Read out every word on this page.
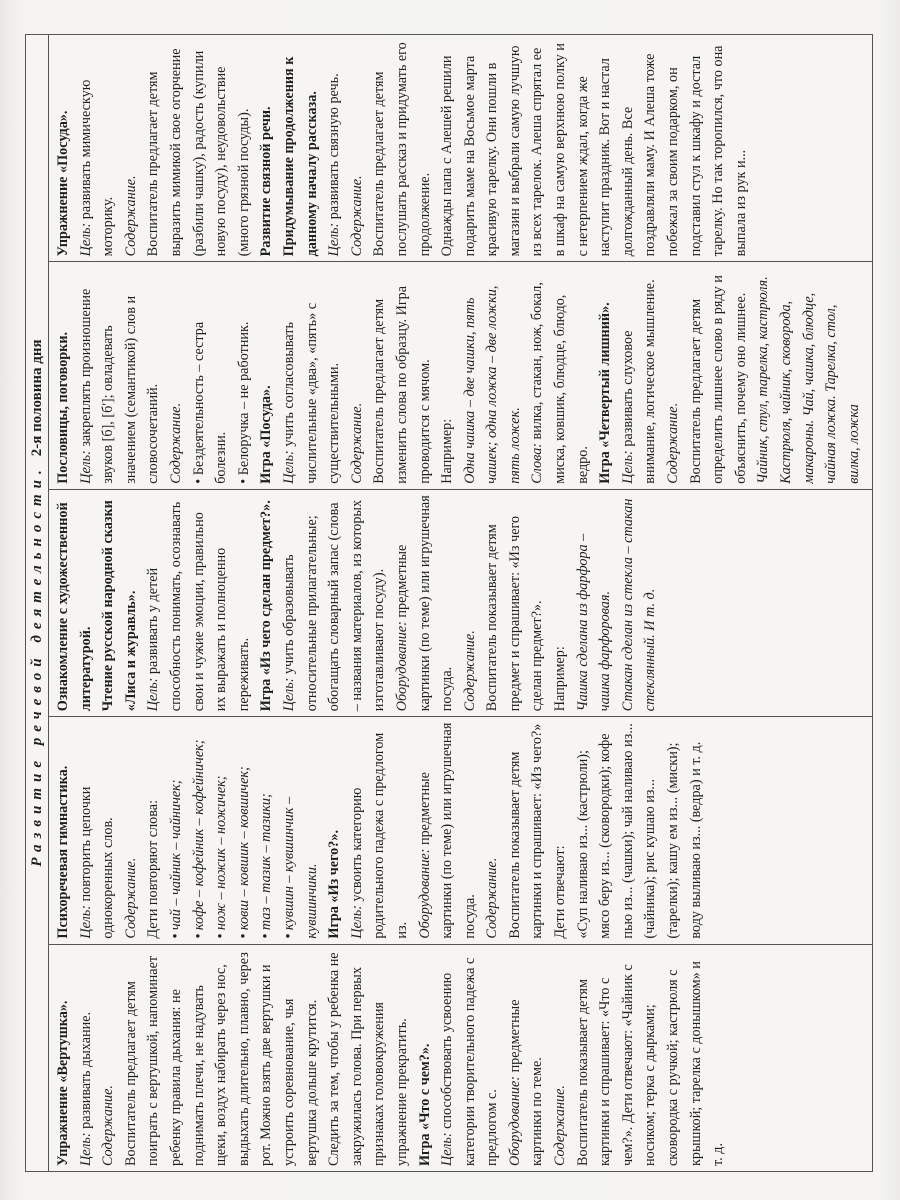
Развитие речевой деятельности.
2-я половина дня

Упражнение «Вертушка». Цель: развивать дыхание. Содержание. Воспитатель предлагает детям поиграть с вертушкой, напоминает ребенку правила дыхания: не поднимать плечи, не надувать щеки, воздух набирать через нос, выдыхать длительно, плавно, через рот. Можно взять две вертушки и устроить соревнование, чья вертушка дольше крутится. Следить за тем, чтобы у ребенка не закружилась голова. При первых признаках головокружения упражнение прекратить. Игра «Что с чем?». Цель: способствовать усвоению категории творительного падежа с предлогом с. Оборудование: предметные картинки по теме. Содержание. Воспитатель показывает детям картинки и спрашивает: «Что с чем?». Дети отвечают: «Чайник с носиком; терка с дырками; сковородка с ручкой; кастрюля с крышкой; тарелка с донышком» и т. д.

Психоречевая гимнастика. Цель: повторить цепочки однокоренных слов. Содержание. Дети повторяют слова: • чай – чайник – чайничек; • кофе – кофейник – кофейничек; • нож – ножик – ножичек; • ковш – ковшик – ковшичек; • таз – тазик – тазики; • кувшин – кувшинчик – кувшинчики. Игра «Из чего?». Цель: усвоить категорию родительного падежа с предлогом из. Оборудование: предметные картинки (по теме) или игрушечная посуда. Содержание. Воспитатель показывает детям картинки и спрашивает: «Из чего?» Дети отвечают: «Суп наливаю из... (кастрюли); мясо беру из... (сковородки); кофе пью из... (чашки); чай наливаю из... (чайника); рис кушаю из... (тарелки); кашу ем из... (миски); воду выливаю из... (ведра) и т. д.

Ознакомление с художественной литературой. Чтение русской народной сказки «Лиса и журавль». Цель: развивать у детей способность понимать, осознавать свои и чужие эмоции, правильно их выражать и полноценно переживать. Игра «Из чего сделан предмет?». Цель: учить образовывать относительные прилагательные; обогащать словарный запас (слова – названия материалов, из которых изготавливают посуду). Оборудование: предметные картинки (по теме) или игрушечная посуда. Содержание. Воспитатель показывает детям предмет и спрашивает: «Из чего сделан предмет?». Например: Чашка сделана из фарфора – чашка фарфоровая. Стакан сделан из стекла – стакан стеклянный. И т. д.

Пословицы, поговорки. Цель: закреплять произношение звуков [б], [б']; овладевать значением (семантикой) слов и словосочетаний. Содержание. • Бездеятельность – сестра болезни. • Белоручка – не работник. Игра «Посуда». Цель: учить согласовывать числительные «два», «пять» с существительными. Содержание. Воспитатель предлагает детям изменить слова по образцу. Игра проводится с мячом. Например: Одна чашка – две чашки, пять чашек; одна ложка – две ложки, пять ложек. Слова: вилка, стакан, нож, бокал, миска, ковшик, блюдце, блюдо, ведро. Игра «Четвертый лишний». Цель: развивать слуховое внимание, логическое мышление. Содержание. Воспитатель предлагает детям определить лишнее слово в ряду и объяснить, почему оно лишнее. Чайник, стул, тарелка, кастрюля. Кастрюля, чайник, сковорода, макароны. Чай, чашка, блюдце, чайная ложка. Тарелка, стол, вилка, ложка

Упражнение «Посуда». Цель: развивать мимическую моторику. Содержание. Воспитатель предлагает детям выразить мимикой свое огорчение (разбили чашку), радость (купили новую посуду), неудовольствие (много грязной посуды). Развитие связной речи. Придумывание продолжения к данному началу рассказа. Цель: развивать связную речь. Содержание. Воспитатель предлагает детям послушать рассказ и придумать его продолжение. Однажды папа с Алешей решили подарить маме на Восьмое марта красивую тарелку. Они пошли в магазин и выбрали самую лучшую из всех тарелок. Алеша спрятал ее в шкаф на самую верхнюю полку и с нетерпением ждал, когда же наступит праздник. Вот и настал долгожданный день. Все поздравляли маму. И Алеша тоже побежал за своим подарком, он подставил стул к шкафу и достал тарелку. Но так торопился, что она выпала из рук и...
